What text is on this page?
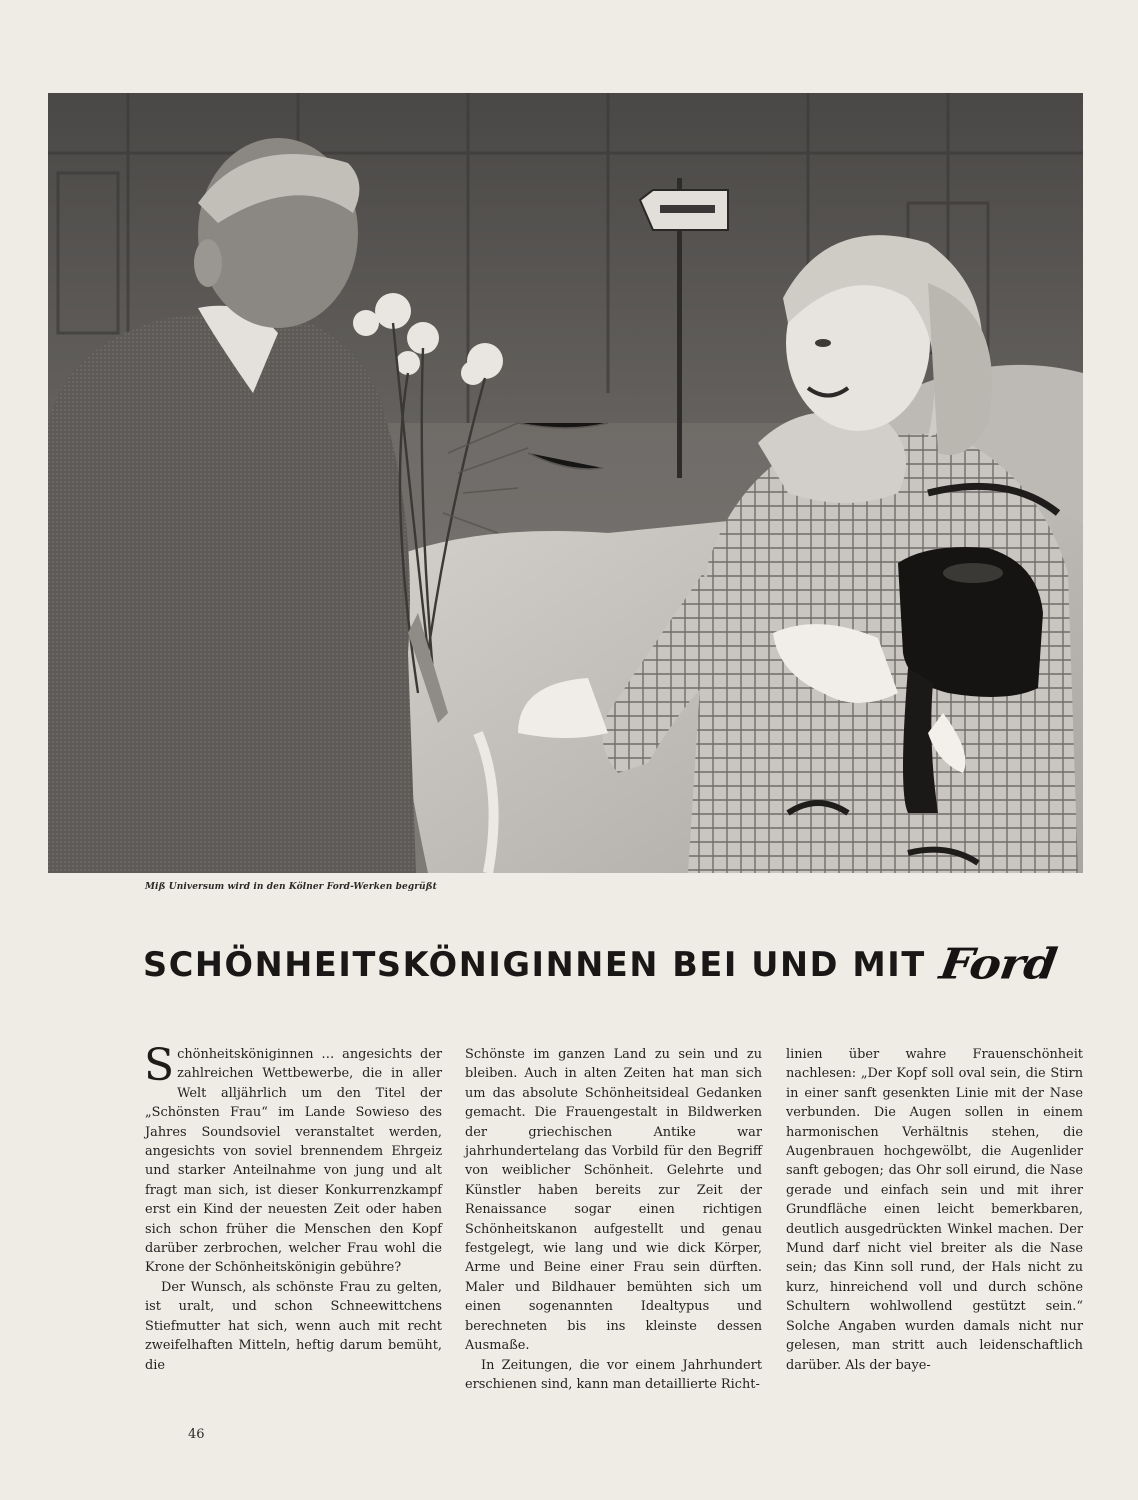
Miß Universum wird in den Kölner Ford-Werken begrüßt
SCHÖNHEITSKÖNIGINNEN BEI UND MIT Ford

Schönheitsköniginnen … angesichts der zahlreichen Wettbewerbe, die in aller Welt alljährlich um den Titel der „Schönsten Frau“ im Lande Sowieso des Jahres Soundsoviel veranstaltet werden, angesichts von soviel brennendem Ehrgeiz und starker Anteilnahme von jung und alt fragt man sich, ist dieser Konkurrenzkampf erst ein Kind der neuesten Zeit oder haben sich schon früher die Menschen den Kopf darüber zerbrochen, welcher Frau wohl die Krone der Schönheitskönigin gebühre?

Der Wunsch, als schönste Frau zu gelten, ist uralt, und schon Schneewittchens Stiefmutter hat sich, wenn auch mit recht zweifelhaften Mitteln, heftig darum bemüht, die

Schönste im ganzen Land zu sein und zu bleiben. Auch in alten Zeiten hat man sich um das absolute Schönheitsideal Gedanken gemacht. Die Frauengestalt in Bildwerken der griechischen Antike war jahrhundertelang das Vorbild für den Begriff von weiblicher Schönheit. Gelehrte und Künstler haben bereits zur Zeit der Renaissance sogar einen richtigen Schönheitskanon aufgestellt und genau festgelegt, wie lang und wie dick Körper, Arme und Beine einer Frau sein dürften. Maler und Bildhauer bemühten sich um einen sogenannten Idealtypus und berechneten bis ins kleinste dessen Ausmaße.

In Zeitungen, die vor einem Jahrhundert erschienen sind, kann man detaillierte Richt-

linien über wahre Frauenschönheit nachlesen: „Der Kopf soll oval sein, die Stirn in einer sanft gesenkten Linie mit der Nase verbunden. Die Augen sollen in einem harmonischen Verhältnis stehen, die Augenbrauen hochgewölbt, die Augenlider sanft gebogen; das Ohr soll eirund, die Nase gerade und einfach sein und mit ihrer Grundfläche einen leicht bemerkbaren, deutlich ausgedrückten Winkel machen. Der Mund darf nicht viel breiter als die Nase sein; das Kinn soll rund, der Hals nicht zu kurz, hinreichend voll und durch schöne Schultern wohlwollend gestützt sein.“ Solche Angaben wurden damals nicht nur gelesen, man stritt auch leidenschaftlich darüber. Als der baye-

46
